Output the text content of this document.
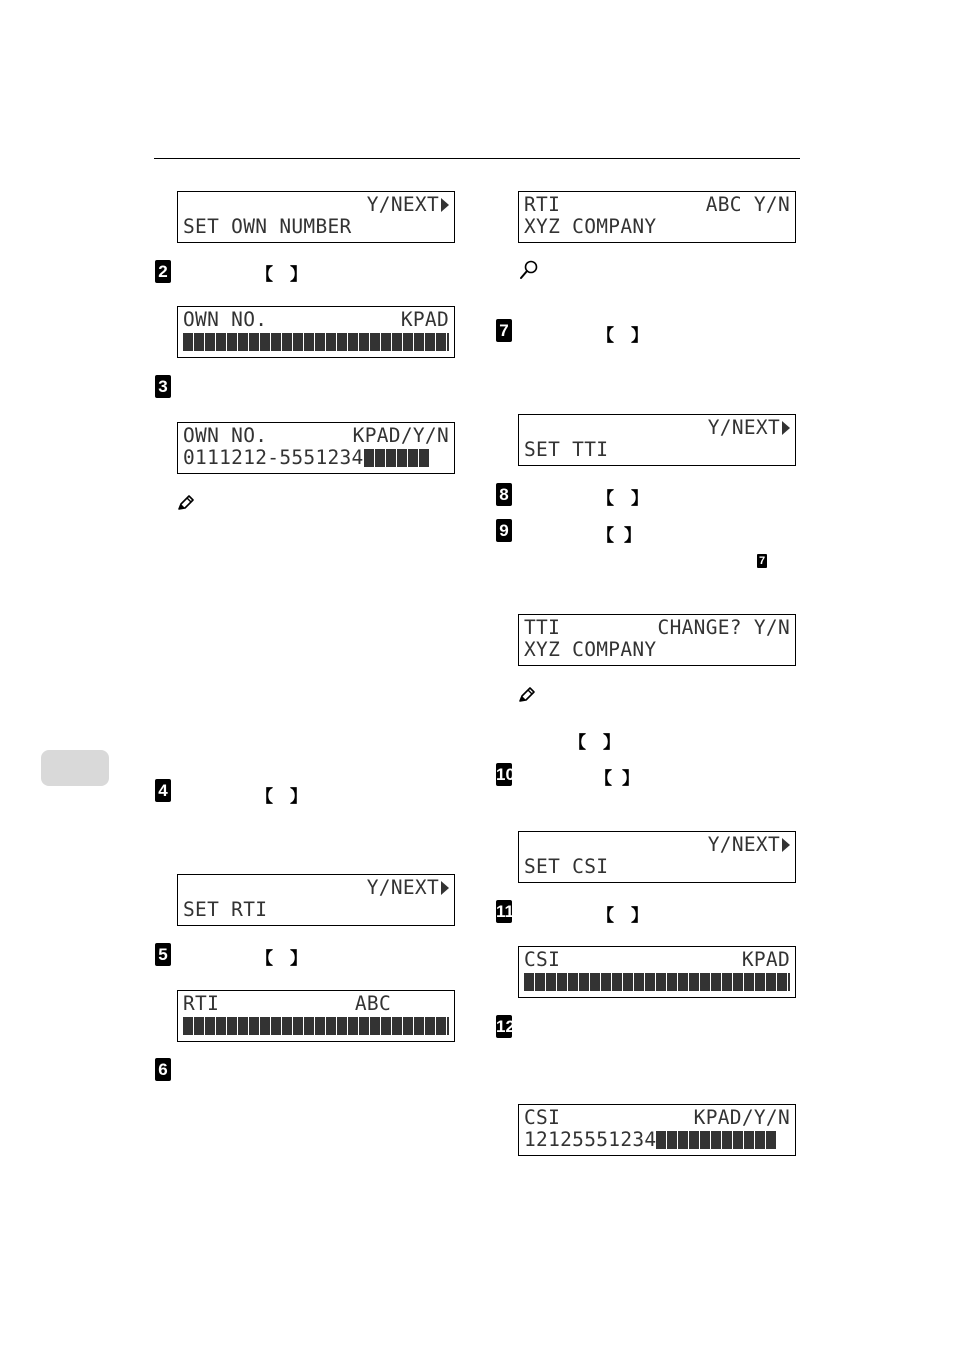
Y/NEXT
SET OWN NUMBER
OWN NO.	KPAD
OWN NO.	KPAD/Y/N
0111212-5551234
Y/NEXT
SET RTI
RTI	ABC
RTI	ABC Y/N
XYZ COMPANY
Y/NEXT
SET TTI
TTI	CHANGE? Y/N
XYZ COMPANY
Y/NEXT
SET CSI
CSI	KPAD
CSI	KPAD/Y/N
12125551234
2
3
4
5
6
7
8
9
10
11
12
7
【 】
【 】
【 】
【 】
【 】
【 】
【 】
【 】
【 】
